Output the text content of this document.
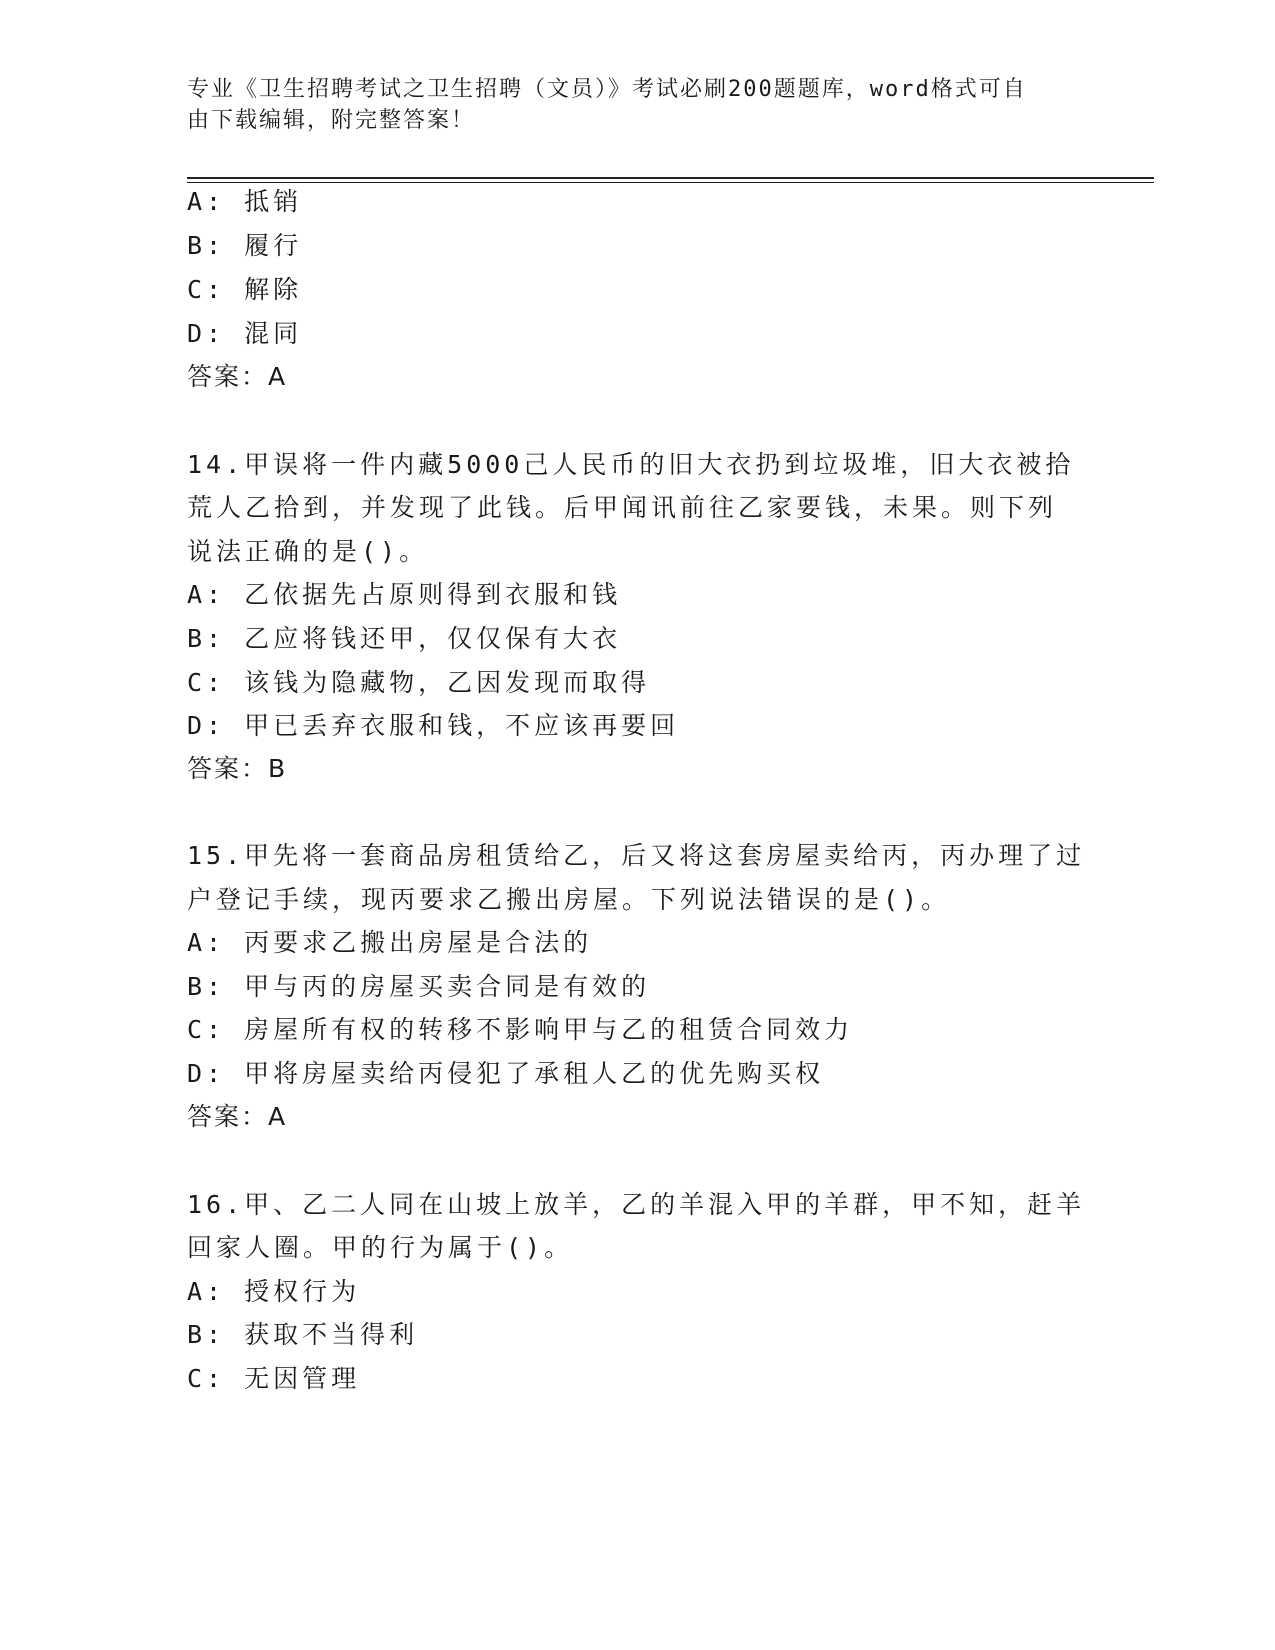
专业《卫生招聘考试之卫生招聘（文员）》考试必刷200题题库，word格式可自
由下载编辑，附完整答案！
A: 抵销
B: 履行
C: 解除
D: 混同
答案：A
14.甲误将一件内藏5000己人民币的旧大衣扔到垃圾堆，旧大衣被拾
荒人乙拾到，并发现了此钱。后甲闻讯前往乙家要钱，未果。则下列
说法正确的是()。
A: 乙依据先占原则得到衣服和钱
B: 乙应将钱还甲，仅仅保有大衣
C: 该钱为隐藏物，乙因发现而取得
D: 甲已丢弃衣服和钱，不应该再要回
答案：B
15.甲先将一套商品房租赁给乙，后又将这套房屋卖给丙，丙办理了过
户登记手续，现丙要求乙搬出房屋。下列说法错误的是()。
A: 丙要求乙搬出房屋是合法的
B: 甲与丙的房屋买卖合同是有效的
C: 房屋所有权的转移不影响甲与乙的租赁合同效力
D: 甲将房屋卖给丙侵犯了承租人乙的优先购买权
答案：A
16.甲、乙二人同在山坡上放羊，乙的羊混入甲的羊群，甲不知，赶羊
回家人圈。甲的行为属于()。
A: 授权行为
B: 获取不当得利
C: 无因管理
